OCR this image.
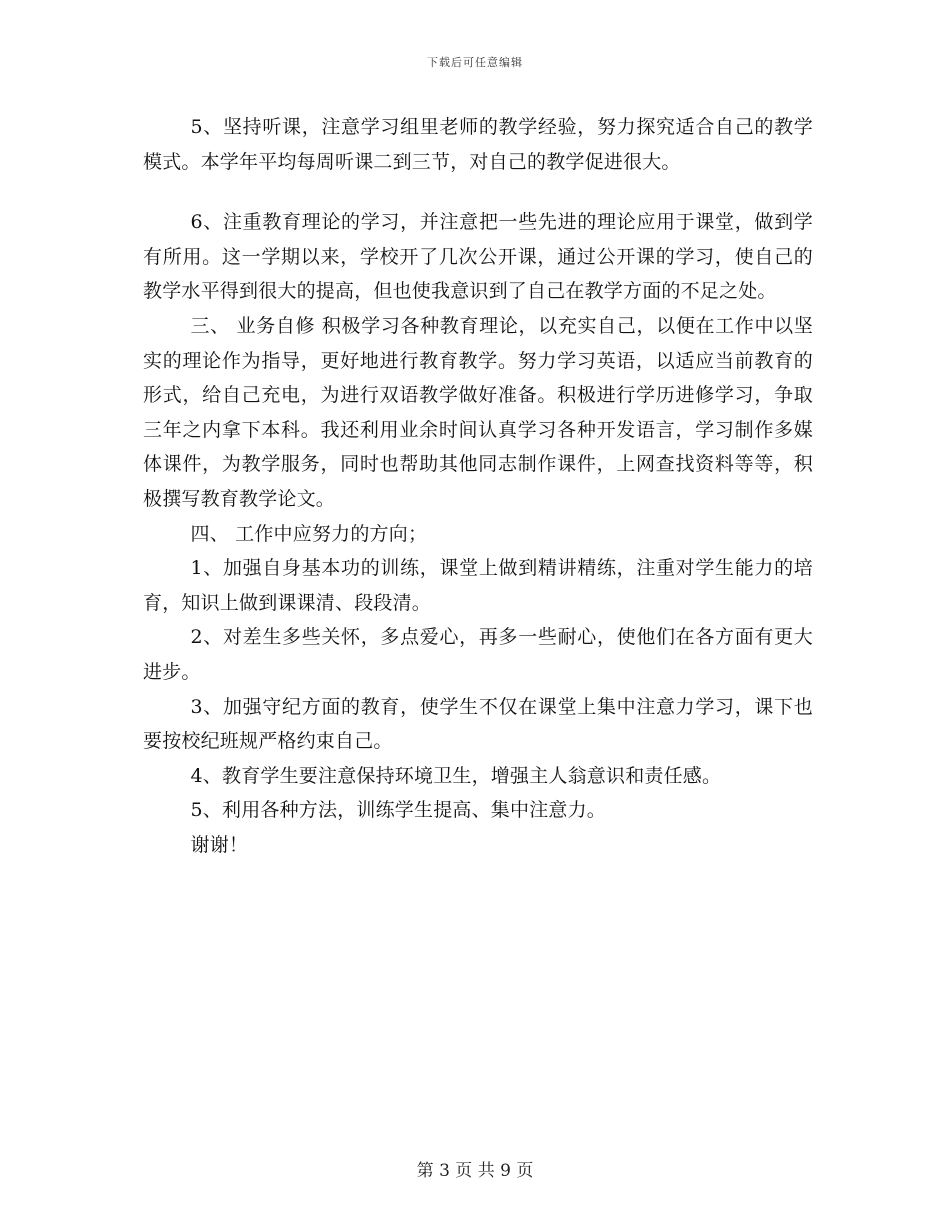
下载后可任意编辑

5、坚持听课，注意学习组里老师的教学经验，努力探究适合自己的教学模式。本学年平均每周听课二到三节，对自己的教学促进很大。

6、注重教育理论的学习，并注意把一些先进的理论应用于课堂，做到学有所用。这一学期以来，学校开了几次公开课，通过公开课的学习，使自己的教学水平得到很大的提高，但也使我意识到了自己在教学方面的不足之处。

三、 业务自修 积极学习各种教育理论，以充实自己，以便在工作中以坚实的理论作为指导，更好地进行教育教学。努力学习英语，以适应当前教育的形式，给自己充电，为进行双语教学做好准备。积极进行学历进修学习，争取三年之内拿下本科。我还利用业余时间认真学习各种开发语言，学习制作多媒体课件，为教学服务，同时也帮助其他同志制作课件，上网查找资料等等，积极撰写教育教学论文。

四、 工作中应努力的方向；

1、加强自身基本功的训练，课堂上做到精讲精练，注重对学生能力的培育，知识上做到课课清、段段清。

2、对差生多些关怀，多点爱心，再多一些耐心，使他们在各方面有更大进步。

3、加强守纪方面的教育，使学生不仅在课堂上集中注意力学习，课下也要按校纪班规严格约束自己。

4、教育学生要注意保持环境卫生，增强主人翁意识和责任感。

5、利用各种方法，训练学生提高、集中注意力。

谢谢！

第 3 页 共 9 页
